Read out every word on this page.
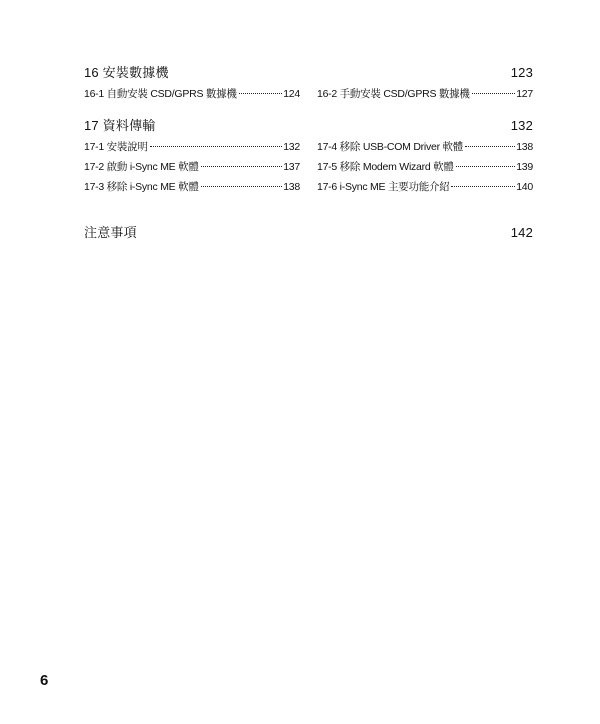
16 安裝數據機	123
16-1 自動安裝 CSD/GPRS 數據機	124 16-2 手動安裝 CSD/GPRS 數據機	127
17 資料傳輸	132
17-1 安裝說明	132 17-4 移除 USB-COM Driver 軟體	138
17-2 啟動 i-Sync ME 軟體	137 17-5 移除 Modem Wizard 軟體	139
17-3 移除 i-Sync ME 軟體	138 17-6 i-Sync ME 主要功能介紹	140
注意事項	142
6
